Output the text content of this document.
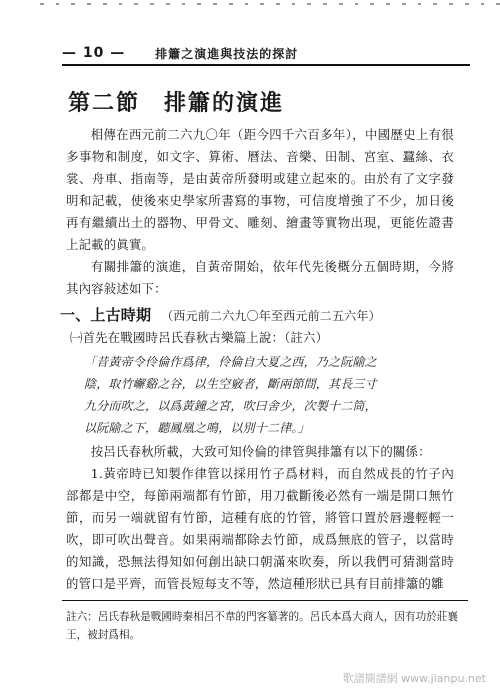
— 10 —	排簫之演進與技法的探討
第二節　排簫的演進
相傳在西元前二六九〇年（距今四千六百多年），中國歷史上有很多事物和制度，如文字、算術、曆法、音樂、田制、宮室、蠶絲、衣裳、舟車、指南等，是由黃帝所發明或建立起來的。由於有了文字發明和記載，使後來史學家所書寫的事物，可信度增強了不少，加日後再有繼續出土的器物、甲骨文、雕刻、繪畫等實物出現，更能佐證書上記載的眞實。
有關排簫的演進，自黃帝開始，依年代先後概分五個時期，今將其內容敍述如下：
一、上古時期 （西元前二六九〇年至西元前二五六年）
㈠首先在戰國時呂氏春秋古樂篇上說：（註六）
「昔黃帝令伶倫作爲律，伶倫自大夏之西，乃之阮隃之
陰，取竹嶰谿之谷，以生空竅者，斷兩節間，其長三寸
九分而吹之，以爲黃鐘之宮，吹曰舍少，次製十二筒，
以阮隃之下，聽鳳凰之鳴，以別十二律。」
按呂氏春秋所載，大致可知伶倫的律管與排簫有以下的關係：
1.黃帝時已知製作律管以採用竹子爲材料，而自然成長的竹子內部都是中空，每節兩端都有竹節，用刀截斷後必然有一端是開口無竹節，而另一端就留有竹節，這種有底的竹管，將管口置於唇邊輕輕一吹，即可吹出聲音。如果兩端都除去竹節，成爲無底的管子，以當時的知識，恐無法得知如何創出缺口朝滿來吹奏，所以我們可猜測當時的管口是平齊，而管長短每支不等，然這種形狀已具有目前排簫的雛
註六：呂氏春秋是戰國時秦相呂不韋的門客纂著的。呂氏本爲大商人，因有功於莊襄王，被封爲相。
歌譜簡譜網 www.jianpu.net
